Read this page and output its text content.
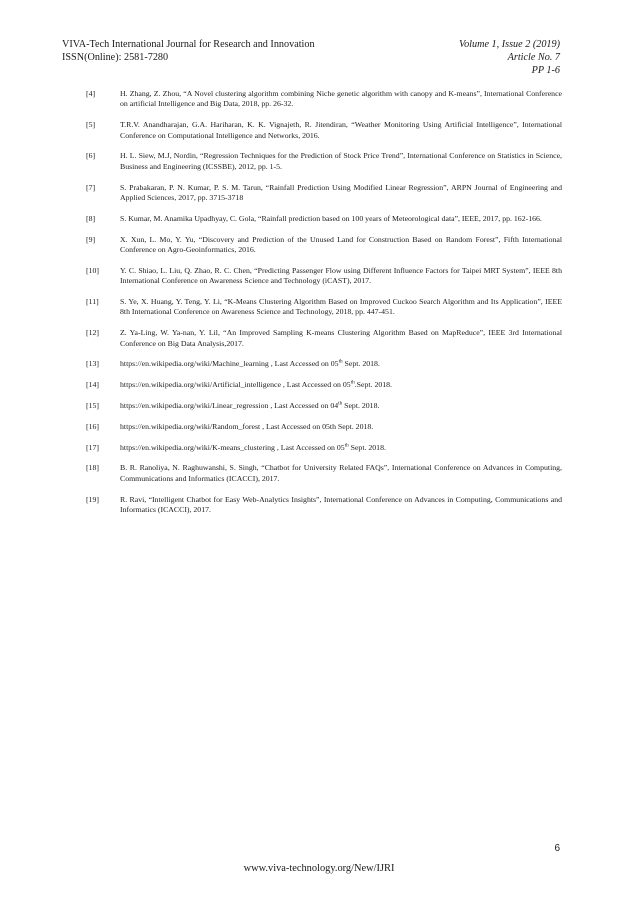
VIVA-Tech International Journal for Research and Innovation
ISSN(Online): 2581-7280
Volume 1, Issue 2 (2019)
Article No. 7
PP 1-6
[4]	H. Zhang, Z. Zhou, “A Novel clustering algorithm combining Niche genetic algorithm with canopy and K-means”, International Conference on artificial Intelligence and Big Data, 2018, pp. 26-32.
[5]	T.R.V. Anandharajan, G.A. Hariharan, K. K. Vignajeth, R. Jitendiran, “Weather Monitoring Using Artificial Intelligence”, International Conference on Computational Intelligence and Networks, 2016.
[6]	H. L. Siew, M.J, Nordin, “Regression Techniques for the Prediction of Stock Price Trend”, International Conference on Statistics in Science, Business and Engineering (ICSSBE), 2012, pp. 1-5.
[7]	S. Prabakaran, P. N. Kumar, P. S. M. Tarun, “Rainfall Prediction Using Modified Linear Regression”, ARPN Journal of Engineering and Applied Sciences, 2017, pp. 3715-3718
[8]	S. Kumar, M. Anamika Upadhyay, C. Gola, “Rainfall prediction based on 100 years of Meteorological data”, IEEE, 2017, pp. 162-166.
[9]	X. Xun, L. Mo, Y. Yu, “Discovery and Prediction of the Unused Land for Construction Based on Random Forest”, Fifth International Conference on Agro-Geoinformatics, 2016.
[10]	Y. C. Shiao, L. Liu, Q. Zhao, R. C. Chen, “Predicting Passenger Flow using Different Influence Factors for Taipei MRT System”, IEEE 8th International Conference on Awareness Science and Technology (iCAST), 2017.
[11]	S. Ye, X. Huang, Y. Teng, Y. Li, “K-Means Clustering Algorithm Based on Improved Cuckoo Search Algorithm and Its Application”, IEEE 8th International Conference on Awareness Science and Technology, 2018, pp. 447-451.
[12]	Z. Ya-Ling, W. Ya-nan, Y. Lil, “An Improved Sampling K-means Clustering Algorithm Based on MapReduce”, IEEE 3rd International Conference on Big Data Analysis,2017.
[13]	https://en.wikipedia.org/wiki/Machine_learning , Last Accessed on 05th Sept. 2018.
[14]	https://en.wikipedia.org/wiki/Artificial_intelligence , Last Accessed on 05th.Sept. 2018.
[15]	https://en.wikipedia.org/wiki/Linear_regression , Last Accessed on 04th Sept. 2018.
[16]	https://en.wikipedia.org/wiki/Random_forest , Last Accessed on 05th Sept. 2018.
[17]	https://en.wikipedia.org/wiki/K-means_clustering , Last Accessed on 05th Sept. 2018.
[18]	B. R. Ranoliya, N. Raghuwanshi, S. Singh, “Chatbot for University Related FAQs”, International Conference on Advances in Computing, Communications and Informatics (ICACCI), 2017.
[19]	R. Ravi, “Intelligent Chatbot for Easy Web-Analytics Insights”, International Conference on Advances in Computing, Communications and Informatics (ICACCI), 2017.
6
www.viva-technology.org/New/IJRI
